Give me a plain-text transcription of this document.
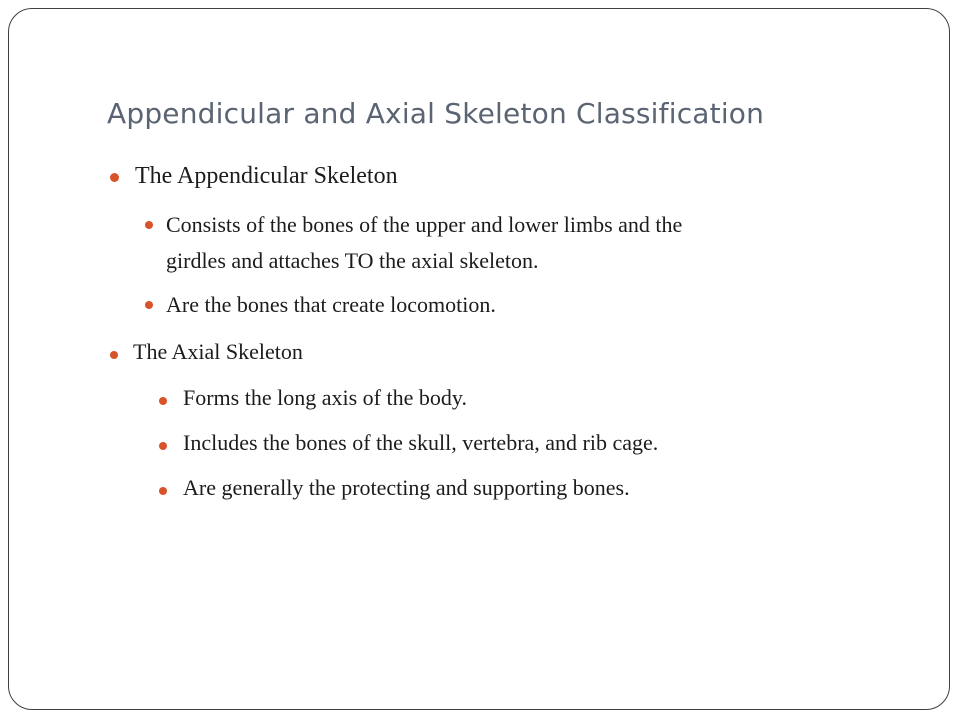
Appendicular and Axial Skeleton Classification
The Appendicular Skeleton
Consists of the bones of the upper and lower limbs and the
girdles and attaches TO the axial skeleton.
Are the bones that create locomotion.
The Axial Skeleton
Forms the long axis of the body.
Includes the bones of the skull, vertebra, and rib cage.
Are generally the protecting and supporting bones.
